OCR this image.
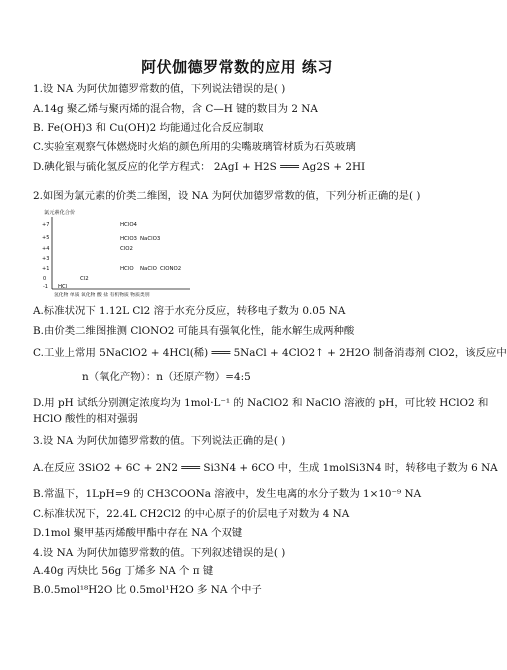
阿伏伽德罗常数的应用 练习
1.设 NA 为阿伏加德罗常数的值，下列说法错误的是( )
A.14g 聚乙烯与聚丙烯的混合物，含 C—H 键的数目为 2 NA
B. Fe(OH)3 和 Cu(OH)2 均能通过化合反应制取
C.实验室观察气体燃烧时火焰的颜色所用的尖嘴玻璃管材质为石英玻璃
D.碘化银与硫化氢反应的化学方程式： 2AgI + H2S ═══ Ag2S + 2HI
2.如图为氯元素的价类二维图，设 NA 为阿伏加德罗常数的值，下列分析正确的是( )
氯元素化合价
+7
+5
+4
+3
+1
0
-1
HClO4
ClO2
HClO3 NaClO3
HClO NaClO ClONO2
Cl2
HCl
氢化物 单质 氧化物 酸 盐 有机物质 物质类别
A.标准状况下 1.12L Cl2 溶于水充分反应，转移电子数为 0.05 NA
B.由价类二维图推测 ClONO2 可能具有强氧化性，能水解生成两种酸
C.工业上常用 5NaClO2 + 4HCl(稀) ═══ 5NaCl + 4ClO2↑ + 2H2O 制备消毒剂 ClO2，该反应中
n（氧化产物）：n（还原产物）=4:5
D.用 pH 试纸分别测定浓度均为 1mol·L⁻¹ 的 NaClO2 和 NaClO 溶液的 pH，可比较 HClO2 和
HClO 酸性的相对强弱
3.设 NA 为阿伏加德罗常数的值。下列说法正确的是( )
A.在反应 3SiO2 + 6C + 2N2 ═══ Si3N4 + 6CO 中，生成 1molSi3N4 时，转移电子数为 6 NA
B.常温下，1LpH=9 的 CH3COONa 溶液中，发生电离的水分子数为 1×10⁻⁹ NA
C.标准状况下，22.4L CH2Cl2 的中心原子的价层电子对数为 4 NA
D.1mol 聚甲基丙烯酸甲酯中存在 NA 个双键
4.设 NA 为阿伏加德罗常数的值。下列叙述错误的是( )
A.40g 丙炔比 56g 丁烯多 NA 个 π 键
B.0.5mol¹⁸H2O 比 0.5mol¹H2O 多 NA 个中子
